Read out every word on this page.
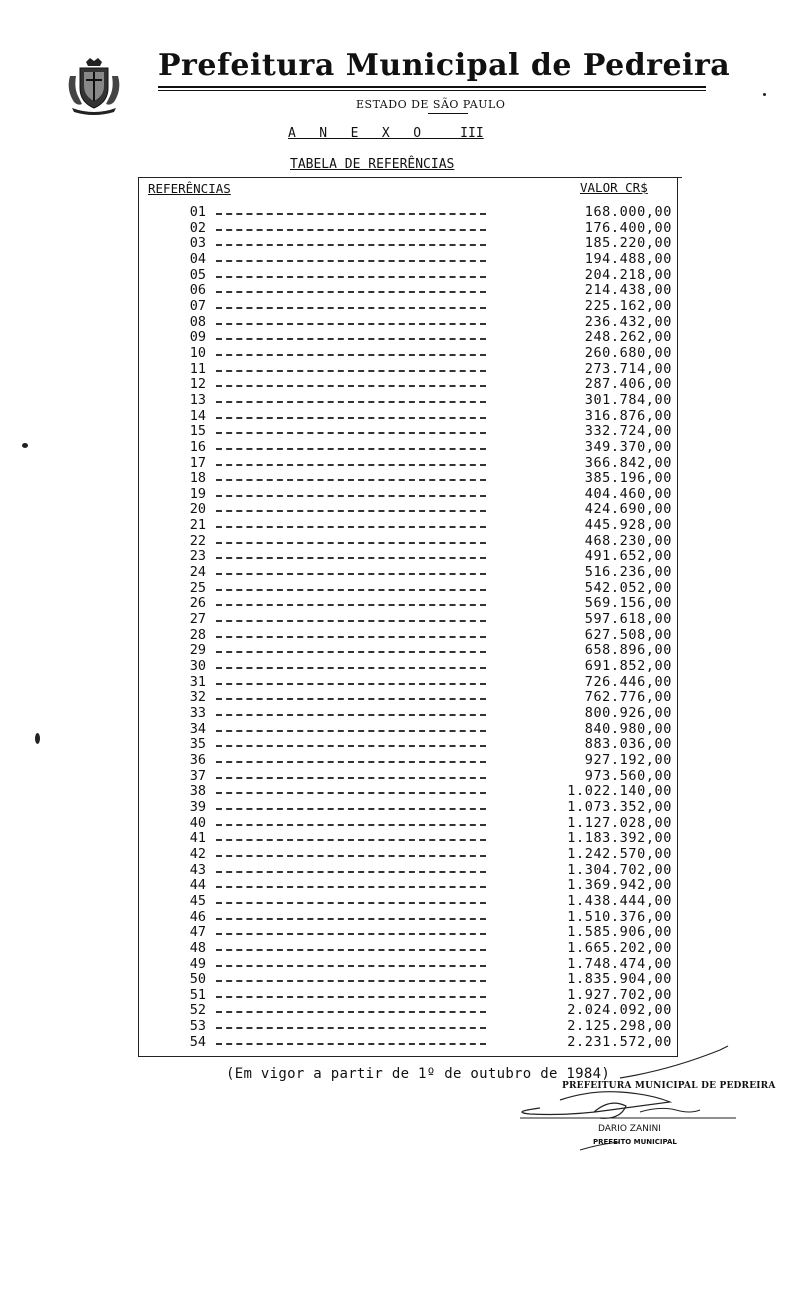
Prefeitura Municipal de Pedreira
ESTADO DE SÃO PAULO
A   N   E   X   O     III
TABELA DE REFERÊNCIAS
REFERÊNCIAS	VALOR CR$
01	168.000,00
02	176.400,00
03	185.220,00
04	194.488,00
05	204.218,00
06	214.438,00
07	225.162,00
08	236.432,00
09	248.262,00
10	260.680,00
11	273.714,00
12	287.406,00
13	301.784,00
14	316.876,00
15	332.724,00
16	349.370,00
17	366.842,00
18	385.196,00
19	404.460,00
20	424.690,00
21	445.928,00
22	468.230,00
23	491.652,00
24	516.236,00
25	542.052,00
26	569.156,00
27	597.618,00
28	627.508,00
29	658.896,00
30	691.852,00
31	726.446,00
32	762.776,00
33	800.926,00
34	840.980,00
35	883.036,00
36	927.192,00
37	973.560,00
38	1.022.140,00
39	1.073.352,00
40	1.127.028,00
41	1.183.392,00
42	1.242.570,00
43	1.304.702,00
44	1.369.942,00
45	1.438.444,00
46	1.510.376,00
47	1.585.906,00
48	1.665.202,00
49	1.748.474,00
50	1.835.904,00
51	1.927.702,00
52	2.024.092,00
53	2.125.298,00
54	2.231.572,00
(Em vigor a partir de 1º de outubro de 1984)
PREFEITURA MUNICIPAL DE PEDREIRA
DARIO ZANINI
PREFEITO MUNICIPAL
